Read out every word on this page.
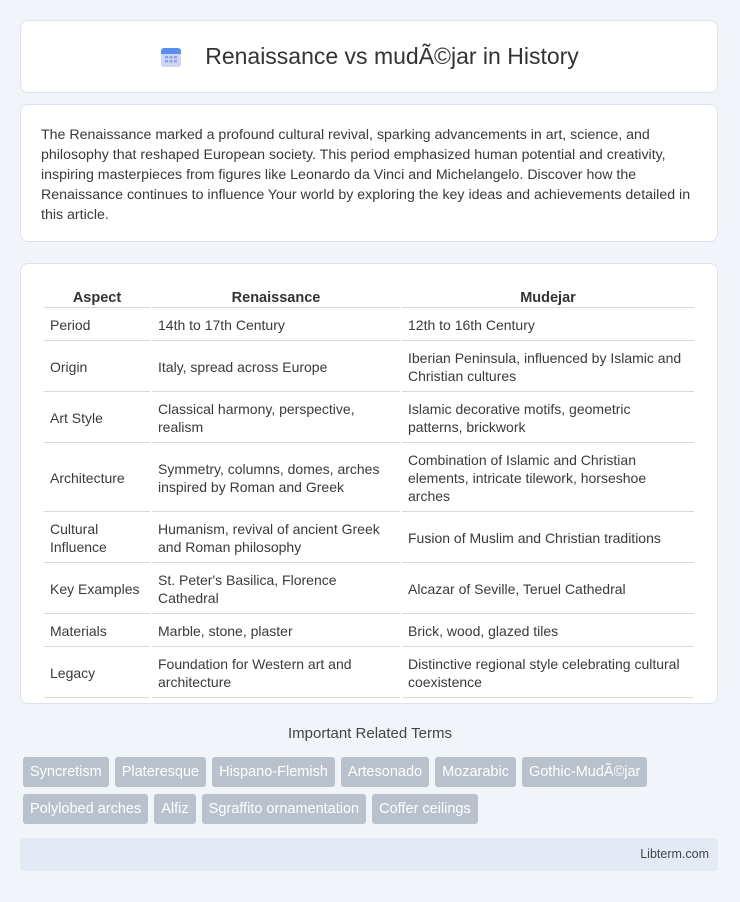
Renaissance vs mudÃ©jar in History

The Renaissance marked a profound cultural revival, sparking advancements in art, science, and philosophy that reshaped European society. This period emphasized human potential and creativity, inspiring masterpieces from figures like Leonardo da Vinci and Michelangelo. Discover how the Renaissance continues to influence Your world by exploring the key ideas and achievements detailed in this article.

Aspect	Renaissance	Mudejar
Period	14th to 17th Century	12th to 16th Century
Origin	Italy, spread across Europe	Iberian Peninsula, influenced by Islamic and Christian cultures
Art Style	Classical harmony, perspective, realism	Islamic decorative motifs, geometric patterns, brickwork
Architecture	Symmetry, columns, domes, arches inspired by Roman and Greek	Combination of Islamic and Christian elements, intricate tilework, horseshoe arches
Cultural Influence	Humanism, revival of ancient Greek and Roman philosophy	Fusion of Muslim and Christian traditions
Key Examples	St. Peter's Basilica, Florence Cathedral	Alcazar of Seville, Teruel Cathedral
Materials	Marble, stone, plaster	Brick, wood, glazed tiles
Legacy	Foundation for Western art and architecture	Distinctive regional style celebrating cultural coexistence
Important Related Terms
Syncretism	Plateresque	Hispano-Flemish	Artesonado	Mozarabic	Gothic-MudÃ©jar
Polylobed arches	Alfiz	Sgraffito ornamentation	Coffer ceilings
Libterm.com
